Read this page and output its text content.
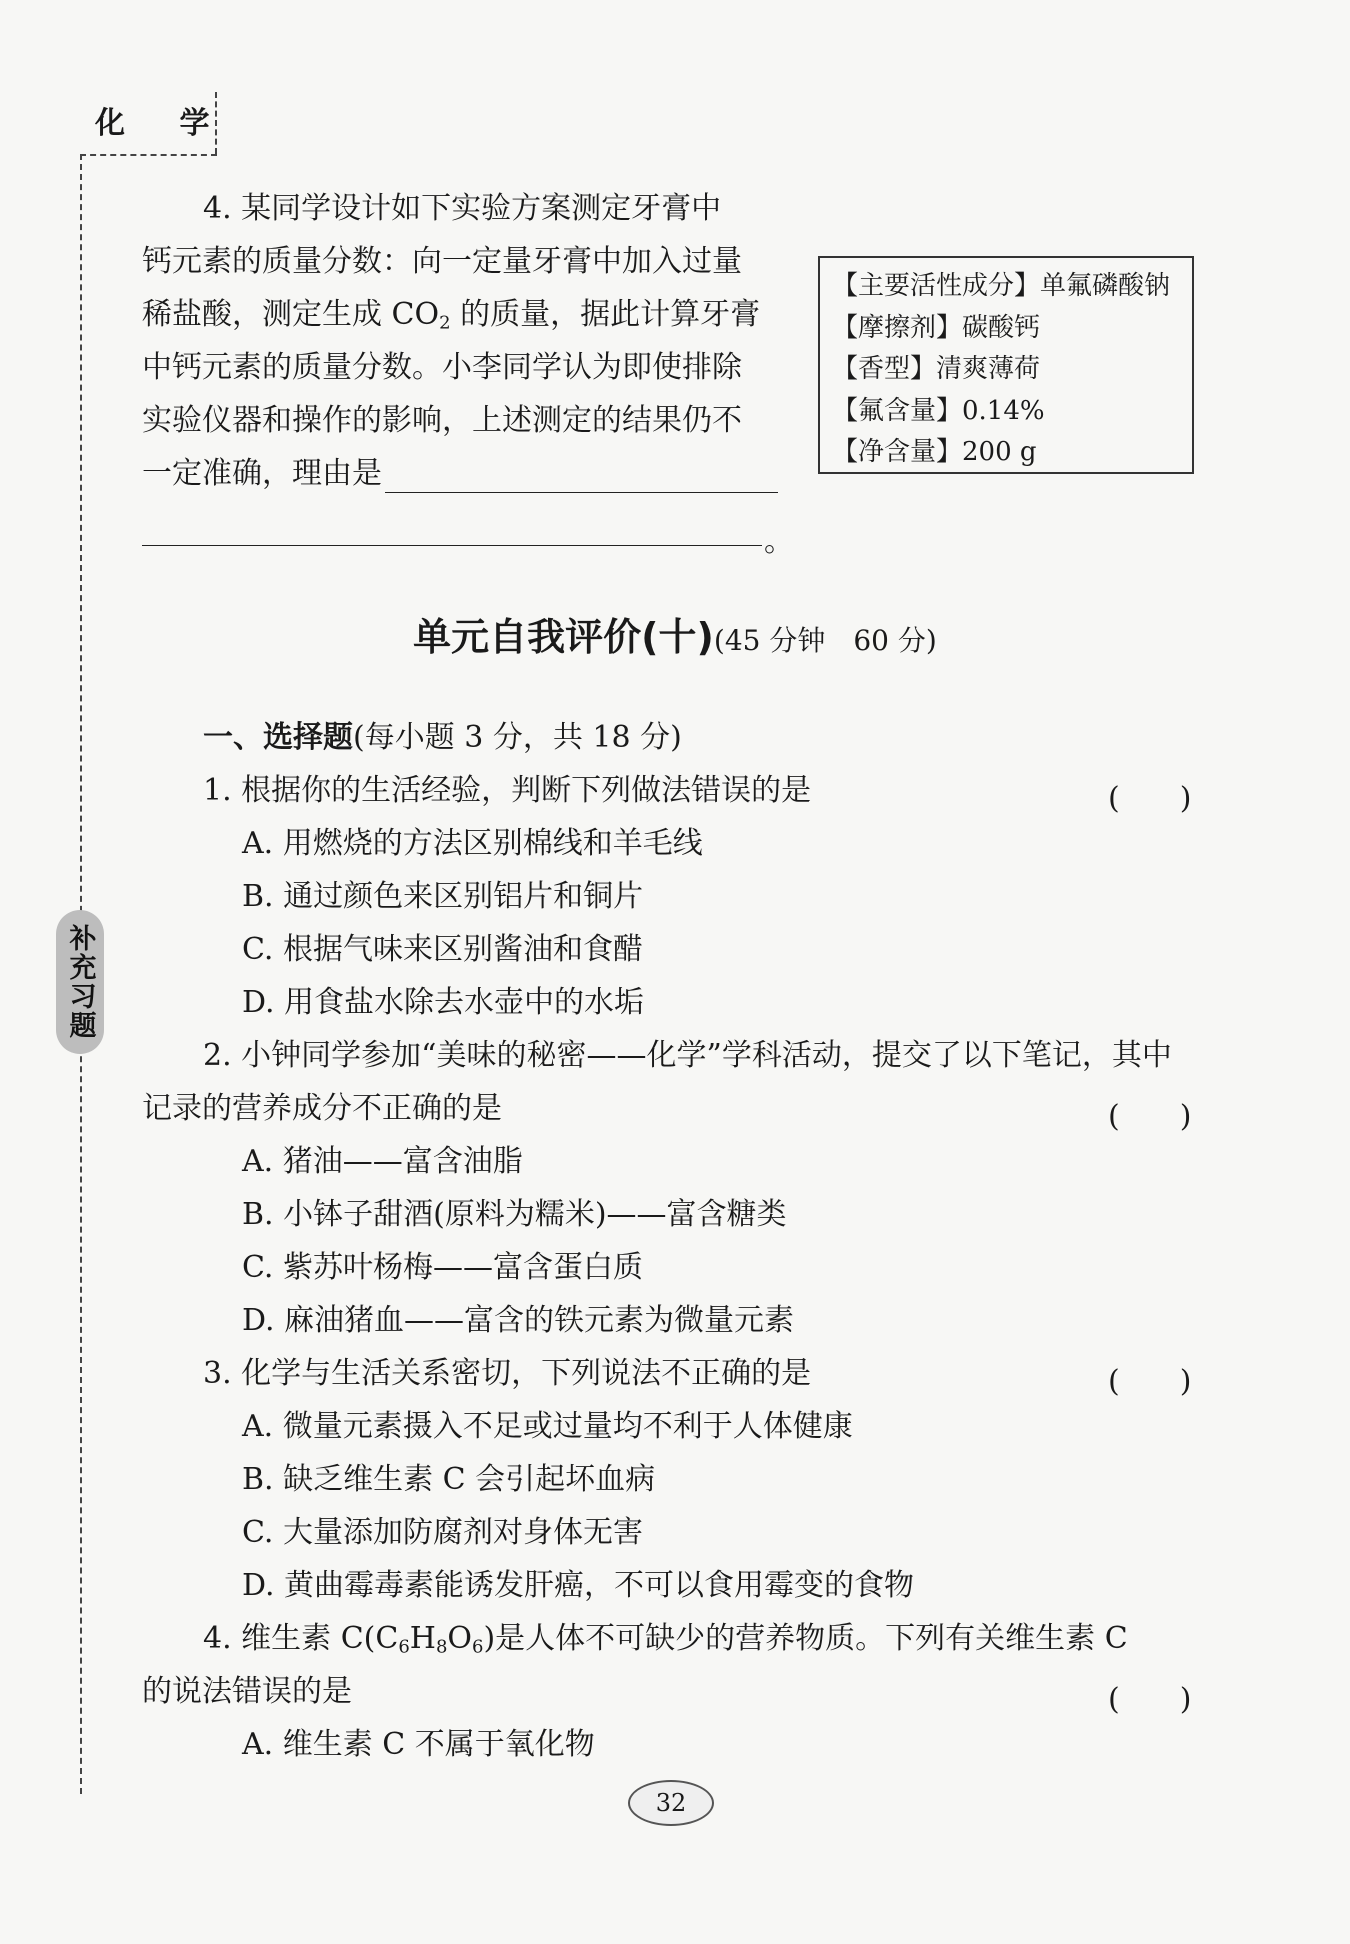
化 学
补充习题
4. 某同学设计如下实验方案测定牙膏中
钙元素的质量分数：向一定量牙膏中加入过量
稀盐酸，测定生成 $CO_2$ 的质量，据此计算牙膏
中钙元素的质量分数。小李同学认为即使排除
实验仪器和操作的影响，上述测定的结果仍不
一定准确，理由是
。
【主要活性成分】单氟磷酸钠
【摩擦剂】碳酸钙
【香型】清爽薄荷
【氟含量】0.14%
【净含量】200 g
单元自我评价(十)(45 分钟　60 分)
一、选择题(每小题 3 分，共 18 分)
1. 根据你的生活经验，判断下列做法错误的是	(　　)
A. 用燃烧的方法区别棉线和羊毛线
B. 通过颜色来区别铝片和铜片
C. 根据气味来区别酱油和食醋
D. 用食盐水除去水壶中的水垢
2. 小钟同学参加“美味的秘密——化学”学科活动，提交了以下笔记，其中
记录的营养成分不正确的是	(　　)
A. 猪油——富含油脂
B. 小钵子甜酒(原料为糯米)——富含糖类
C. 紫苏叶杨梅——富含蛋白质
D. 麻油猪血——富含的铁元素为微量元素
3. 化学与生活关系密切，下列说法不正确的是	(　　)
A. 微量元素摄入不足或过量均不利于人体健康
B. 缺乏维生素 C 会引起坏血病
C. 大量添加防腐剂对身体无害
D. 黄曲霉毒素能诱发肝癌，不可以食用霉变的食物
4. 维生素 $C(C_6H_8O_6)$是人体不可缺少的营养物质。下列有关维生素 C
的说法错误的是	(　　)
A. 维生素 C 不属于氧化物
32
